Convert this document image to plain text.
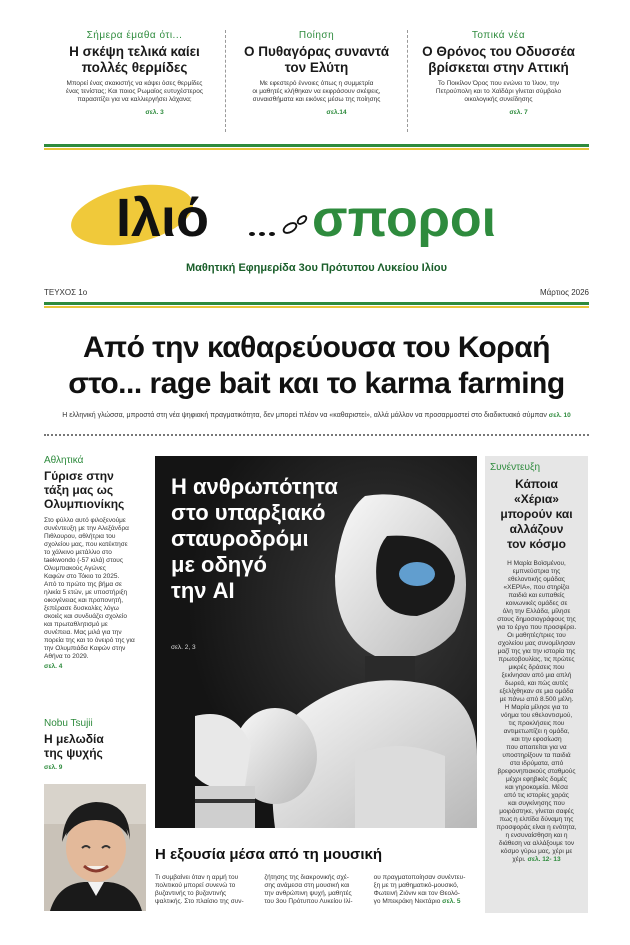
Σήμερα έμαθα ότι...
Η σκέψη τελικά καίει
πολλές θερμίδες
Μπορεί ένας σκακιστής να κάψει όσες θερμίδες
ένας τενίστας; Και ποιος Ρωμαίος ευτυχέστερος
παρασιτίζει για να καλλιεργήσει λάχανα;
σελ. 3
Ποίηση
Ο Πυθαγόρας συναντά
τον Ελύτη
Με εφεστερό έννοιες όπως η συμμετρία
οι μαθητές κλήθηκαν να εκφράσουν σκέψεις,
συναισθήματα και εικόνες μέσω της ποίησης
σελ.14
Τοπικά νέα
Ο Θρόνος του Οδυσσέα
βρίσκεται στην Αττική
Το Ποικίλον Όρος που ενώνει το Ίλιον, την
Πετρούπολη και το Χαϊδάρι γίνεται σύμβολο
οικολογικής συνείδησης
σελ. 7
Ιλιό σποροι
Μαθητική Εφημερίδα 3ου Πρότυπου Λυκείου Ιλίου
ΤΕΥΧΟΣ 1ο	Μάρτιος 2026
Από την καθαρεύουσα του Κοραή
στο... rage bait και το karma farming
Η ελληνική γλώσσα, μπροστά στη νέα ψηφιακή πραγματικότητα, δεν μπορεί πλέον να «καθαριστεί», αλλά μάλλον να προσαρμοστεί στο διαδικτυακό σύμπαν σελ. 10
Αθλητικά
Γύρισε στην
τάξη μας ως
Ολυμπιονίκης
Στο φύλλο αυτό φιλοξενούμε
συνέντευξη με την Αλεξάνδρα
Πιθλουρου, αθλήτρια του
σχολείου μας, που κατέκτησε
το χάλκινο μετάλλιο στο
taekwondo (-57 κιλά) στους
Ολυμπιακούς Αγώνες
Καφών στο Τόκιο το 2025.
Από το πρώτο της βήμα σε
ηλικία 5 ετών, με υποστήριξη
οικογένειας και προπονητή,
ξεπέρασε δυσκολίες λόγω
σκοιές και συνδυάζει σχολείο
και πρωταθλητισμό με
συνέπεια. Μας μιλά για την
πορεία της και το όνειρό της για
την Ολυμπιάδα Καφών στην
Αθήνα το 2029.
σελ. 4
Nobu Tsujii
Η μελωδία
της ψυχής
σελ. 9
Η ανθρωπότητα
στο υπαρξιακό
σταυροδρόμι
με οδηγό
την AI
σελ. 2, 3
Η εξουσία μέσα από τη μουσική
Τι συμβαίνει όταν η αρμή του
πολιτικού μπορεί συνενώ το
βυζαντινής το βυζαντινής
ψαλτικής. Στο πλαίσιο της συν-
ζήτησης της διακρονικής σχέ-
σης ανάμεσα στη μουσική και
την ανθρώπινη ψυχή, μαθητές
του 3ου Πρότυπου Λυκείου Ιλί-
ου πραγματοποίησαν συνέντευ-
ξη με τη μαθηματικό-μουσικό,
Φωτεινή Ζιόνιν και τον Θεολό-
γο Μπεκράκη Νεκτάριο σελ. 5
Συνέντευξη
Κάποια
«Χέρια»
μπορούν και
αλλάζουν
τον κόσμο
Η Μαρία Βοϊσμένου,
εμπνεύστρια της
εθελοντικής ομάδας
«ΧΕΡΙΑ», που στηρίζει
παιδιά και ευπαθείς
κοινωνικές ομάδες σε
όλη την Ελλάδα, μίλησε
στους δημοσιογράφους της
για το έργο που προσφέρει.
Οι μαθητές/τριες του
σχολείου μας συνομίλησαν
μαζί της για την ιστορία της
πρωτοβουλίας, τις πρώτες
μικρές δράσεις που
ξεκίνησαν από μια απλή
δωρεά, και πώς αυτές
εξελίχθηκαν σε μια ομάδα
με πάνω από 8.500 μέλη.
Η Μαρία μίλησε για το
νόημα του εθελοντισμού,
τις προκλήσεις που
αντιμετωπίζει η ομάδα,
και την εφοσίωση
που απαιτείται για να
υποστηρίξουν τα παιδιά
στα ιδρύματα, από
βρεφονηπιακούς σταθμούς
μέχρι εφηβικές δομές
και γηροκομεία. Μέσα
από τις ιστορίες χαράς
και συγκίνησης που
μοιράστηκε, γίνεται σαφές
πως η ελπίδα δύναμη της
προσφοράς είναι η ενότητα,
η ενσυναίσθηση και η
διάθεση να αλλάξουμε τον
κόσμο γύρω μας, χέρι με
χέρι. σελ. 12- 13
